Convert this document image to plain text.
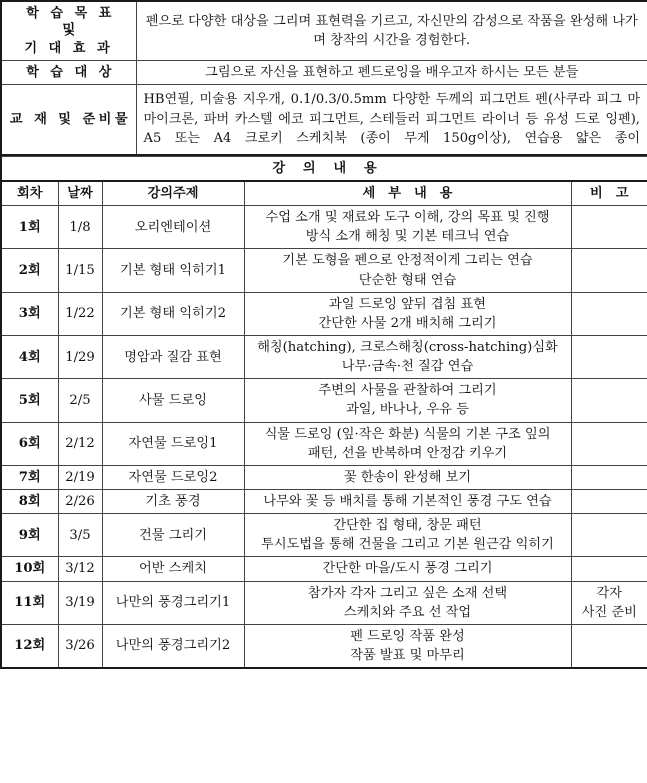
학 습 목 표
및
기 대 효 과	펜으로 다양한 대상을 그리며 표현력을 기르고, 자신만의 감성으로 작품을 완성해 나가며 창작의 시간을 경험한다.
학 습 대 상	그림으로 자신을 표현하고 펜드로잉을 배우고자 하시는 모든 분들
교 재 및 준비물	HB연필, 미술용 지우개, 0.1/0.3/0.5mm 다양한 두께의 피그먼트 펜(사쿠라 피그 마 마이크론, 파버 카스텔 에코 피그먼트, 스테들러 피그먼트 라이너 등 유성 드로 잉펜), A5 또는 A4 크로키 스케치북 (종이 무게 150g이상), 연습용 얇은 종이
강 의 내 용				
회차	날짜	강의주제	세 부 내 용	비 고
1회	1/8	오리엔테이션	수업 소개 및 재료와 도구 이해, 강의 목표 및 진행
방식 소개 해칭 및 기본 테크닉 연습	

2회	1/15	기본 형태 익히기1	기본 도형을 펜으로 안정적이게 그리는 연습
단순한 형태 연습	

3회	1/22	기본 형태 익히기2	과일 드로잉 앞뒤 겹침 표현
간단한 사물 2개 배치해 그리기	

4회	1/29	명암과 질감 표현	해칭(hatching), 크로스해칭(cross-hatching)심화
나무·금속·천 질감 연습	

5회	2/5	사물 드로잉	주변의 사물을 관찰하여 그리기
과일, 바나나, 우유 등	

6회	2/12	자연물 드로잉1	식물 드로잉 (잎·작은 화분) 식물의 기본 구조 잎의
패턴, 선을 반복하며 안정감 키우기	

7회	2/19	자연물 드로잉2	꽃 한송이 완성해 보기	

8회	2/26	기초 풍경	나무와 꽃 등 배치를 통해 기본적인 풍경 구도 연습	

9회	3/5	건물 그리기	간단한 집 형태, 창문 패턴
투시도법을 통해 건물을 그리고 기본 원근감 익히기	

10회	3/12	어반 스케치	간단한 마을/도시 풍경 그리기	

11회	3/19	나만의 풍경그리기1	참가자 각자 그리고 싶은 소재 선택
스케치와 주요 선 작업	각자
사진 준비

12회	3/26	나만의 풍경그리기2	펜 드로잉 작품 완성
작품 발표 및 마무리	
